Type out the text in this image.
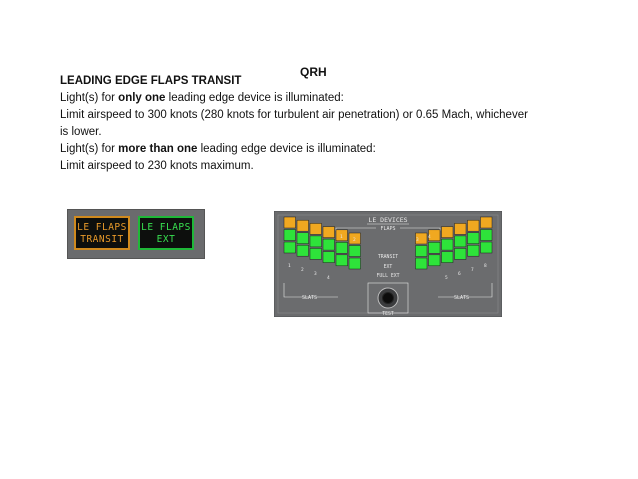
QRH
LEADING EDGE FLAPS TRANSIT
Light(s) for only one leading edge device is illuminated:
Limit airspeed to 300 knots (280 knots for turbulent air penetration) or 0.65 Mach, whichever
is lower.
Light(s) for more than one leading edge device is illuminated:
Limit airspeed to 230 knots maximum.
LE FLAPS
TRANSIT
LE FLAPS
EXT
LE DEVICES
FLAPS
1
2	3
4
1
2
3
4	5
6
7
8
TRANSIT
EXT
FULL EXT
SLATS	SLATS
TEST
